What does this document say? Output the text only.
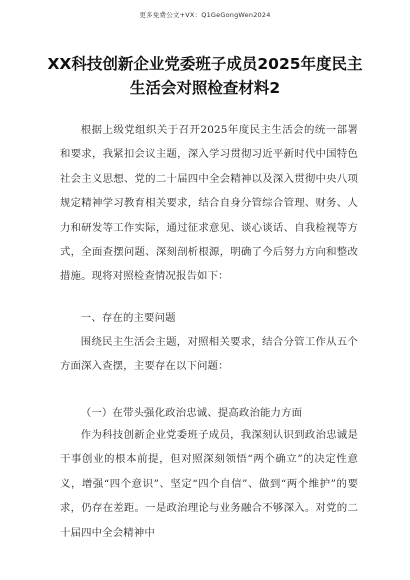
更多免费公文+VX：Q1GeGongWen2024
XX科技创新企业党委班子成员2025年度民主生活会对照检查材料2
根据上级党组织关于召开2025年度民主生活会的统一部署和要求，我紧扣会议主题，深入学习贯彻习近平新时代中国特色社会主义思想、党的二十届四中全会精神以及深入贯彻中央八项规定精神学习教育相关要求，结合自身分管综合管理、财务、人力和研发等工作实际，通过征求意见、谈心谈话、自我检视等方式，全面查摆问题、深刻剖析根源，明确了今后努力方向和整改措施。现将对照检查情况报告如下：
一、存在的主要问题
围绕民主生活会主题，对照相关要求，结合分管工作从五个方面深入查摆，主要存在以下问题：
（一）在带头强化政治忠诚、提高政治能力方面
作为科技创新企业党委班子成员，我深刻认识到政治忠诚是干事创业的根本前提，但对照深刻领悟“两个确立”的决定性意义，增强“四个意识”、坚定“四个自信”、做到“两个维护”的要求，仍存在差距。一是政治理论与业务融合不够深入。对党的二十届四中全会精神中
